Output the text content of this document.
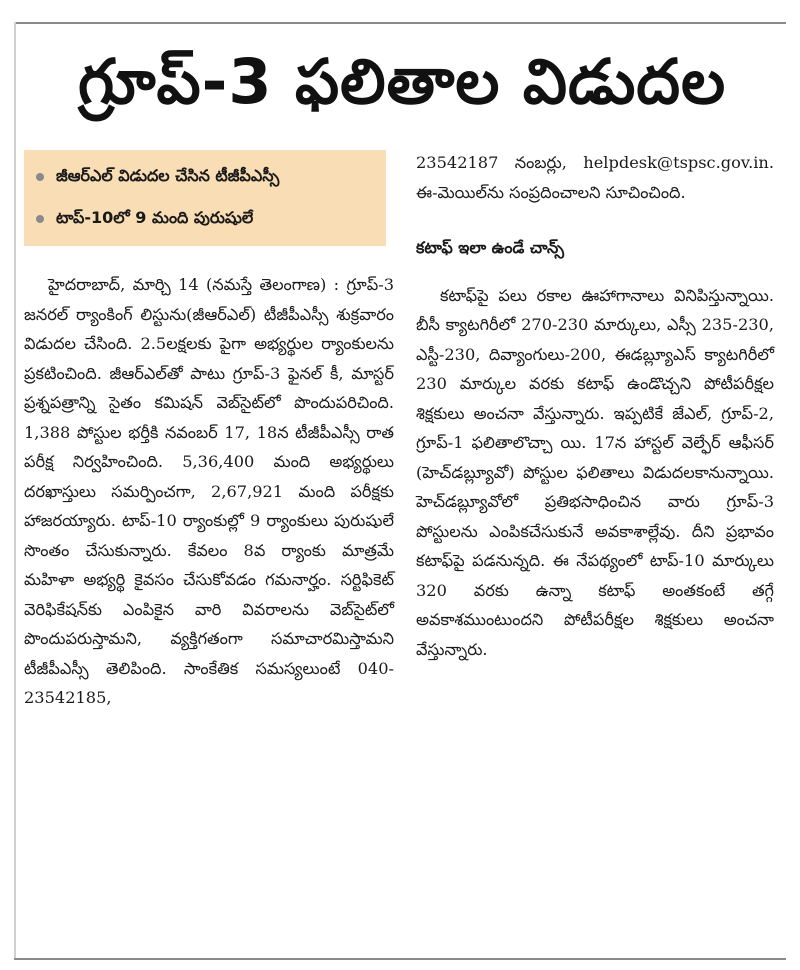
గ్రూప్-3 ఫలితాల విడుదల
జీఆర్ఎల్ విడుదల చేసిన టీజీపీఎస్సీ
టాప్-10లో 9 మంది పురుషులే

హైదరాబాద్, మార్చి 14 (నమస్తే తెలంగాణ) : గ్రూప్-3 జనరల్ ర్యాంకింగ్ లిస్టును(జీఆర్ఎల్) టీజీపీఎస్సీ శుక్రవారం విడుదల చేసింది. 2.5లక్షలకు పైగా అభ్యర్థుల ర్యాంకులను ప్రకటించింది. జీఆర్ఎల్‌తో పాటు గ్రూప్-3 ఫైనల్ కీ, మాస్టర్ ప్రశ్నపత్రాన్ని సైతం కమిషన్ వెబ్‌సైట్‌లో పొందుపరిచింది. 1,388 పోస్టుల భర్తీకి నవంబర్ 17, 18న టీజీపీఎస్సీ రాత పరీక్ష నిర్వహించింది. 5,36,400 మంది అభ్యర్థులు దరఖాస్తులు సమర్పించగా, 2,67,921 మంది పరీక్షకు హాజరయ్యారు. టాప్-10 ర్యాంకుల్లో 9 ర్యాంకులు పురుషులే సొంతం చేసుకున్నారు. కేవలం 8వ ర్యాంకు మాత్రమే మహిళా అభ్యర్థి కైవసం చేసుకోవడం గమనార్హం. సర్టిఫికెట్ వెరిఫికేషన్‌కు ఎంపికైన వారి వివరాలను వెబ్‌సైట్‌లో పొందుపరుస్తామని, వ్యక్తిగతంగా సమాచారమిస్తామని టీజీపీఎస్సీ తెలిపింది. సాంకేతిక సమస్యలుంటే 040-23542185,

23542187 నంబర్లు, helpdesk@tspsc.gov.in. ఈ-మెయిల్‌ను సంప్రదించాలని సూచించింది.

కటాఫ్ ఇలా ఉండే చాన్స్

కటాఫ్‌పై పలు రకాల ఊహాగానాలు వినిపిస్తున్నాయి. బీసీ క్యాటగిరీలో 270-230 మార్కులు, ఎస్సీ 235-230, ఎస్టీ-230, దివ్యాంగులు-200, ఈడబ్ల్యూఎస్ క్యాటగిరీలో 230 మార్కుల వరకు కటాఫ్ ఉండొచ్చని పోటీపరీక్షల శిక్షకులు అంచనా వేస్తున్నారు. ఇప్పటికే జేఎల్, గ్రూప్-2, గ్రూప్-1 ఫలితాలొచ్చా యి. 17న హాస్టల్ వెల్ఫేర్ ఆఫీసర్ (హెచ్‌డబ్ల్యూవో) పోస్టుల ఫలితాలు విడుదలకానున్నాయి. హెచ్‌డబ్ల్యూవోలో ప్రతిభసాధించిన వారు గ్రూప్-3 పోస్టులను ఎంపికచేసుకునే అవకాశాల్లేవు. దీని ప్రభావం కటాఫ్‌పై పడనున్నది. ఈ నేపథ్యంలో టాప్-10 మార్కులు 320 వరకు ఉన్నా కటాఫ్ అంతకంటే తగ్గే అవకాశముంటుందని పోటీపరీక్షల శిక్షకులు అంచనా వేస్తున్నారు.
